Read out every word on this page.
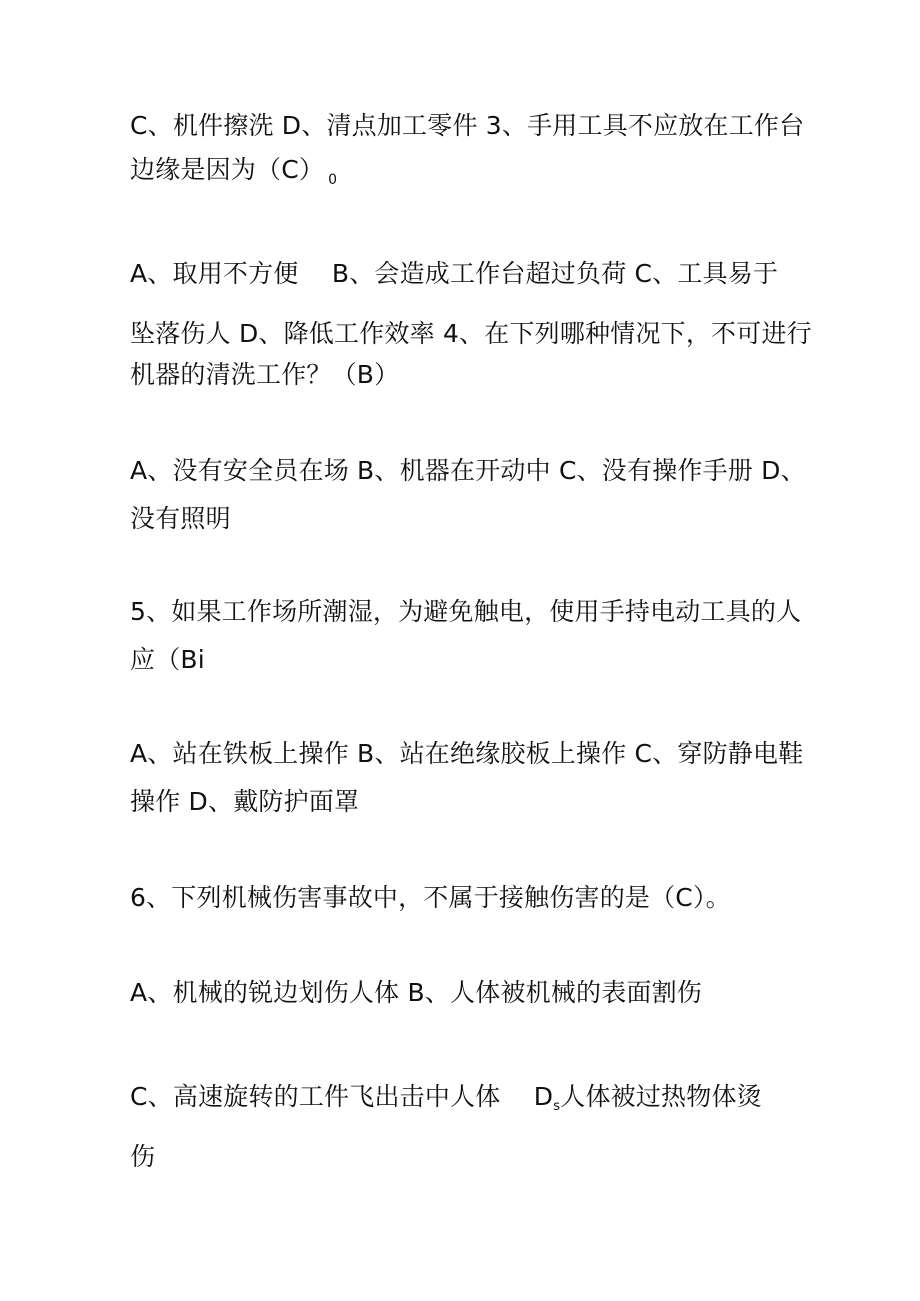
C、机件擦洗 D、清点加工零件 3、手用工具不应放在工作台
边缘是因为（C） $_0$
A、取用不方便 　B、会造成工作台超过负荷 C、工具易于
坠落伤人 D、降低工作效率 4、在下列哪种情况下，不可进行
机器的清洗工作？（B）
A、没有安全员在场 B、机器在开动中 C、没有操作手册 D、
没有照明
5、如果工作场所潮湿，为避免触电，使用手持电动工具的人
应（Bi
A、站在铁板上操作 B、站在绝缘胶板上操作 C、穿防静电鞋
操作 D、戴防护面罩
6、下列机械伤害事故中，不属于接触伤害的是（C）。
A、机械的锐边划伤人体 B、人体被机械的表面割伤
C、高速旋转的工件飞出击中人体 　$D_s$人体被过热物体烫
伤
